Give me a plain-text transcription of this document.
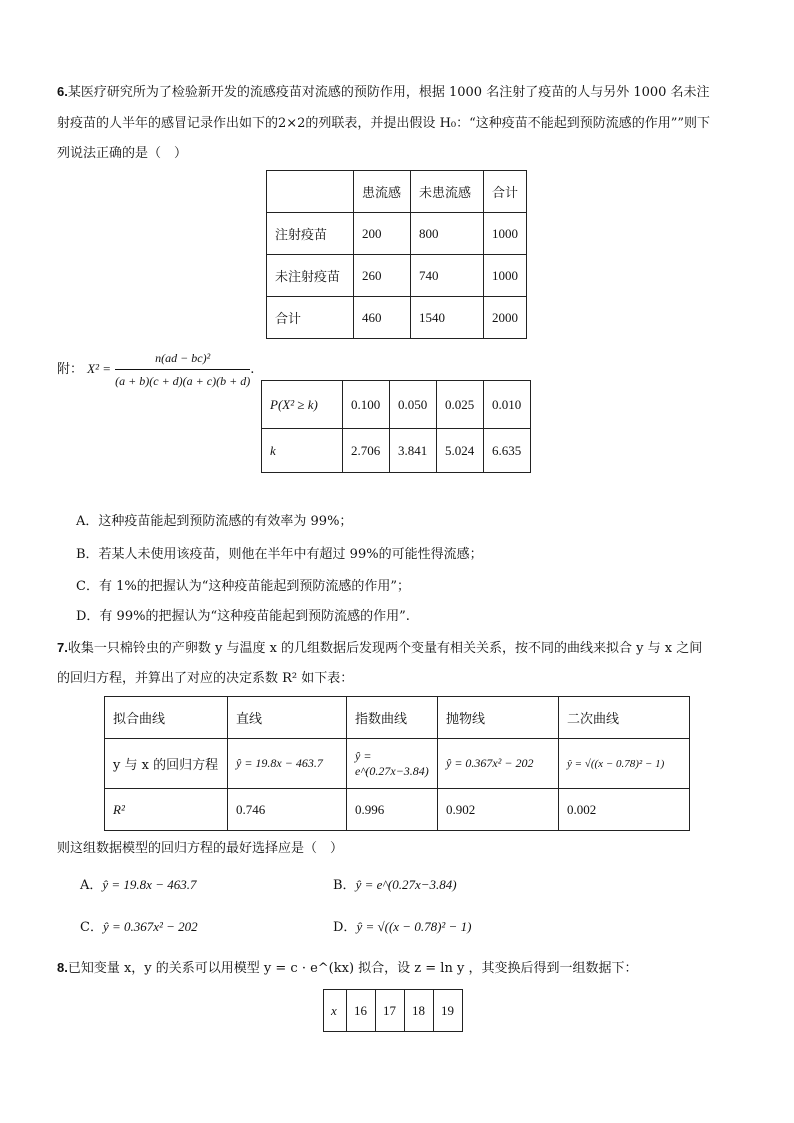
6.某医疗研究所为了检验新开发的流感疫苗对流感的预防作用，根据 1000 名注射了疫苗的人与另外 1000 名未注
射疫苗的人半年的感冒记录作出如下的2×2的列联表，并提出假设 H₀：“这种疫苗不能起到预防流感的作用””则下
列说法正确的是（　）
	患流感	未患流感	合计
注射疫苗	200	800	1000
未注射疫苗	260	740	1000
合计	460	1540	2000
附： $X^2 = \frac{\text{n(ad − bc)²}}{(a + b)(c + d)(a + c)(b + d)}$ .
P(X² ≥ k)	0.100	0.050	0.025	0.010
k	2.706	3.841	5.024	6.635
A．这种疫苗能起到预防流感的有效率为 99%；
B．若某人未使用该疫苗，则他在半年中有超过 99%的可能性得流感；
C．有 1%的把握认为“这种疫苗能起到预防流感的作用”；
D．有 99%的把握认为“这种疫苗能起到预防流感的作用”.
7.收集一只棉铃虫的产卵数 y 与温度 x 的几组数据后发现两个变量有相关关系，按不同的曲线来拟合 y 与 x 之间
的回归方程，并算出了对应的决定系数 R² 如下表：
拟合曲线	直线	指数曲线	抛物线	二次曲线
y 与 x 的回归方程	ŷ = 19.8x − 463.7	ŷ = e^(0.27x−3.84)	ŷ = 0.367x² − 202	ŷ = √((x − 0.78)² − 1)
R²	0.746	0.996	0.902	0.002
则这组数据模型的回归方程的最好选择应是（　）
A．ŷ = 19.8x − 463.7	B．ŷ = e^(0.27x−3.84)
C．ŷ = 0.367x² − 202	D．ŷ = √((x − 0.78)² − 1)
8.已知变量 x，y 的关系可以用模型 y = c · e^(kx) 拟合，设 z = ln y ，其变换后得到一组数据下：
x	16	17	18	19
